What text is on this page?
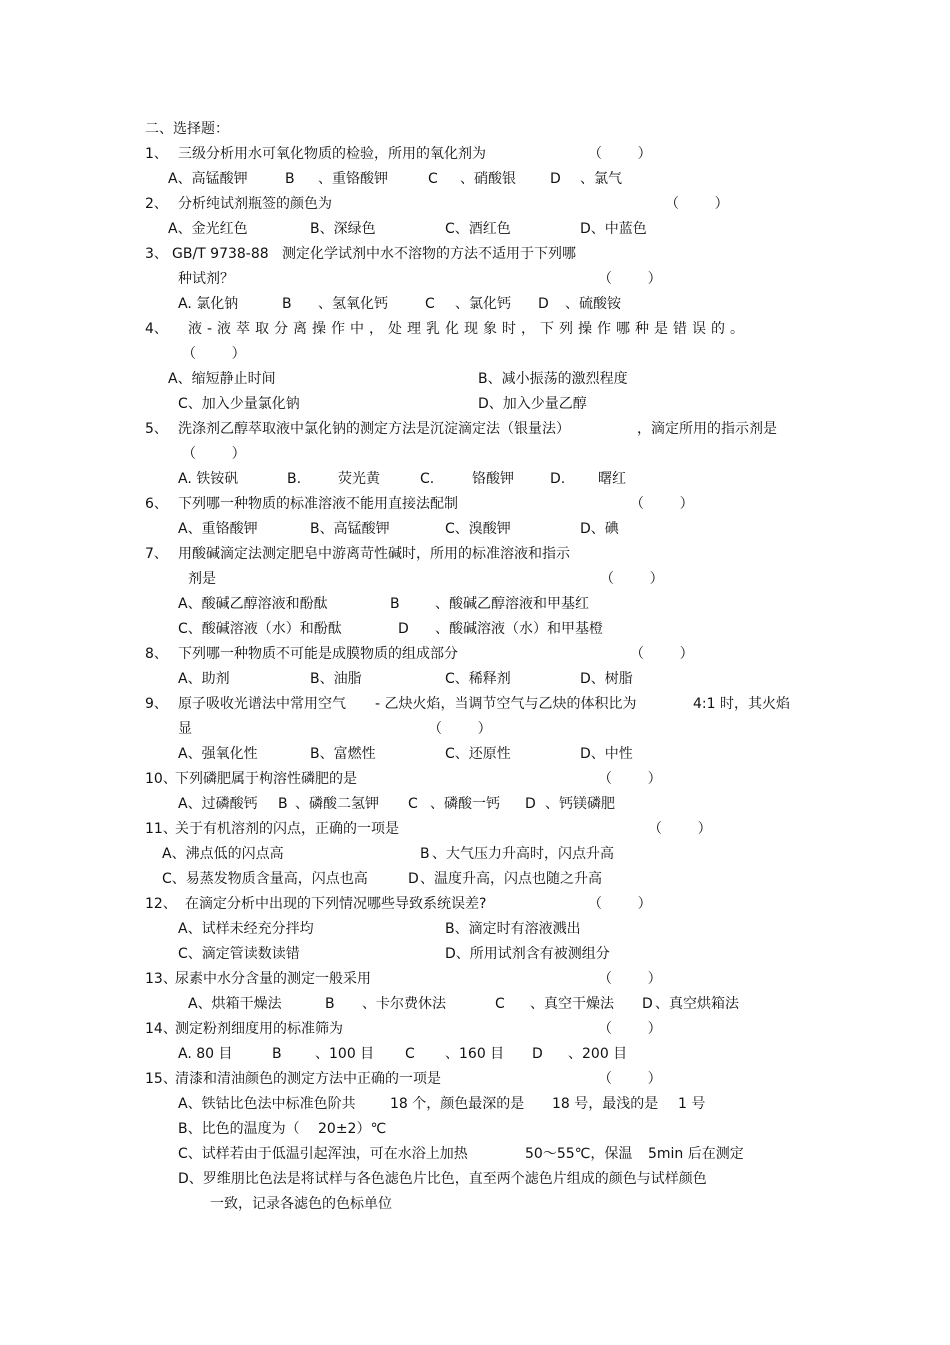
二、选择题：
1、 三级分析用水可氧化物质的检验，所用的氧化剂为	（        ）
A、高锰酸钾	B 、重铬酸钾	C 、硝酸银 D 、氯气
2、 分析纯试剂瓶签的颜色为	（        ）
A、金光红色	B、深绿色	C、酒红色	D、中蓝色
3、 GB/T 9738-88   测定化学试剂中水不溶物的方法不适用于下列哪
种试剂？	（        ）
A. 氯化钠	B 、氢氧化钙	C 、氯化钙 D 、硫酸铵
4、 液-液萃取分离操作中，处理乳化现象时，下列操作哪种是错误的。
（        ）
A、缩短静止时间	B、减小振荡的激烈程度
C、加入少量氯化钠	D、加入少量乙醇
5、 洗涤剂乙醇萃取液中氯化钠的测定方法是沉淀滴定法（银量法）	，滴定所用的指示剂是
（        ）
A. 铁铵矾	B.	荧光黄	C.	铬酸钾	D. 曙红
6、 下列哪一种物质的标准溶液不能用直接法配制	（        ）
A、重铬酸钾	B、高锰酸钾	C、溴酸钾	D、碘
7、 用酸碱滴定法测定肥皂中游离苛性碱时，所用的标准溶液和指示
剂是	（        ）
A、酸碱乙醇溶液和酚酞	B	、酸碱乙醇溶液和甲基红
C、酸碱溶液（水）和酚酞	D 、酸碱溶液（水）和甲基橙
8、 下列哪一种物质不可能是成膜物质的组成部分	（        ）
A、助剂	B、油脂	C、稀释剂	D、树脂
9、 原子吸收光谱法中常用空气 - 乙炔火焰，当调节空气与乙炔的体积比为	4:1 时，其火焰
显	（        ）
A、强氧化性	B、富燃性	C、还原性	D、中性
10、
下列磷肥属于枸溶性磷肥的是	（        ）
A、过磷酸钙 B 、磷酸二氢钾 C 、磷酸一钙 D 、钙镁磷肥
11、
关于有机溶剂的闪点，正确的一项是	（        ）
A、沸点低的闪点高	B 、大气压力升高时，闪点升高
C、易蒸发物质含量高，闪点也高	D 、温度升高，闪点也随之升高
12、 在滴定分析中出现的下列情况哪些导致系统误差?	（        ）
A、试样未经充分拌均	B、滴定时有溶液溅出
C、滴定管读数读错	D、所用试剂含有被测组分
13、
尿素中水分含量的测定一般采用	（        ）
A、烘箱干燥法	B 、卡尔费休法	C 、真空干燥法 D 、真空烘箱法
14、
测定粉剂细度用的标准筛为	（        ）
A. 80 目	B 、100 目 C 、160 目 D 、200 目
15、
清漆和清油颜色的测定方法中正确的一项是	（        ）
A、铁钴比色法中标准色阶共 18 个，颜色最深的是 18 号，最浅的是 1 号
B、比色的温度为（ 20±2）℃
C、试样若由于低温引起浑浊，可在水浴上加热	50～55℃，保温 5min 后在测定
D、罗维朋比色法是将试样与各色滤色片比色，直至两个滤色片组成的颜色与试样颜色
一致，记录各滤色的色标单位
